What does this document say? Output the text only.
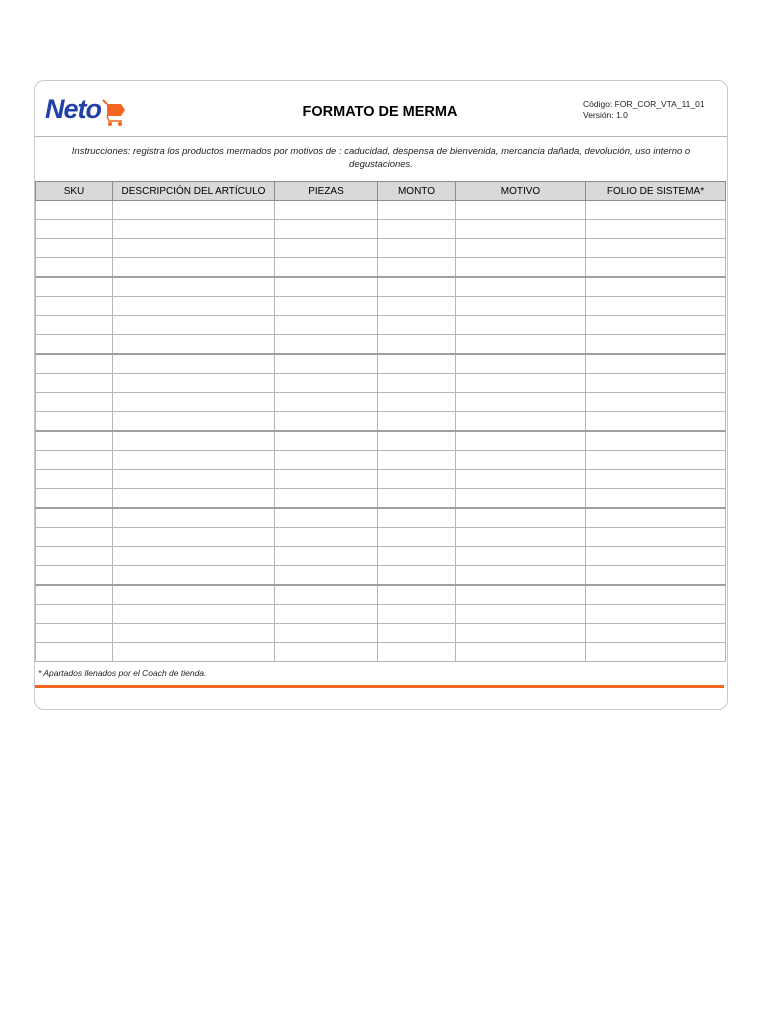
Neto	FORMATO DE MERMA	Código: FOR_COR_VTA_11_01
Versión: 1.0
Instrucciones: registra los productos mermados por motivos de : caducidad, despensa de bienvenida, mercancia dañada, devolución, uso interno o degustaciones.
SKU	DESCRIPCIÓN DEL ARTÍCULO	PIEZAS	MONTO	MOTIVO	FOLIO DE SISTEMA*

* Apartados llenados por el Coach de tienda.
